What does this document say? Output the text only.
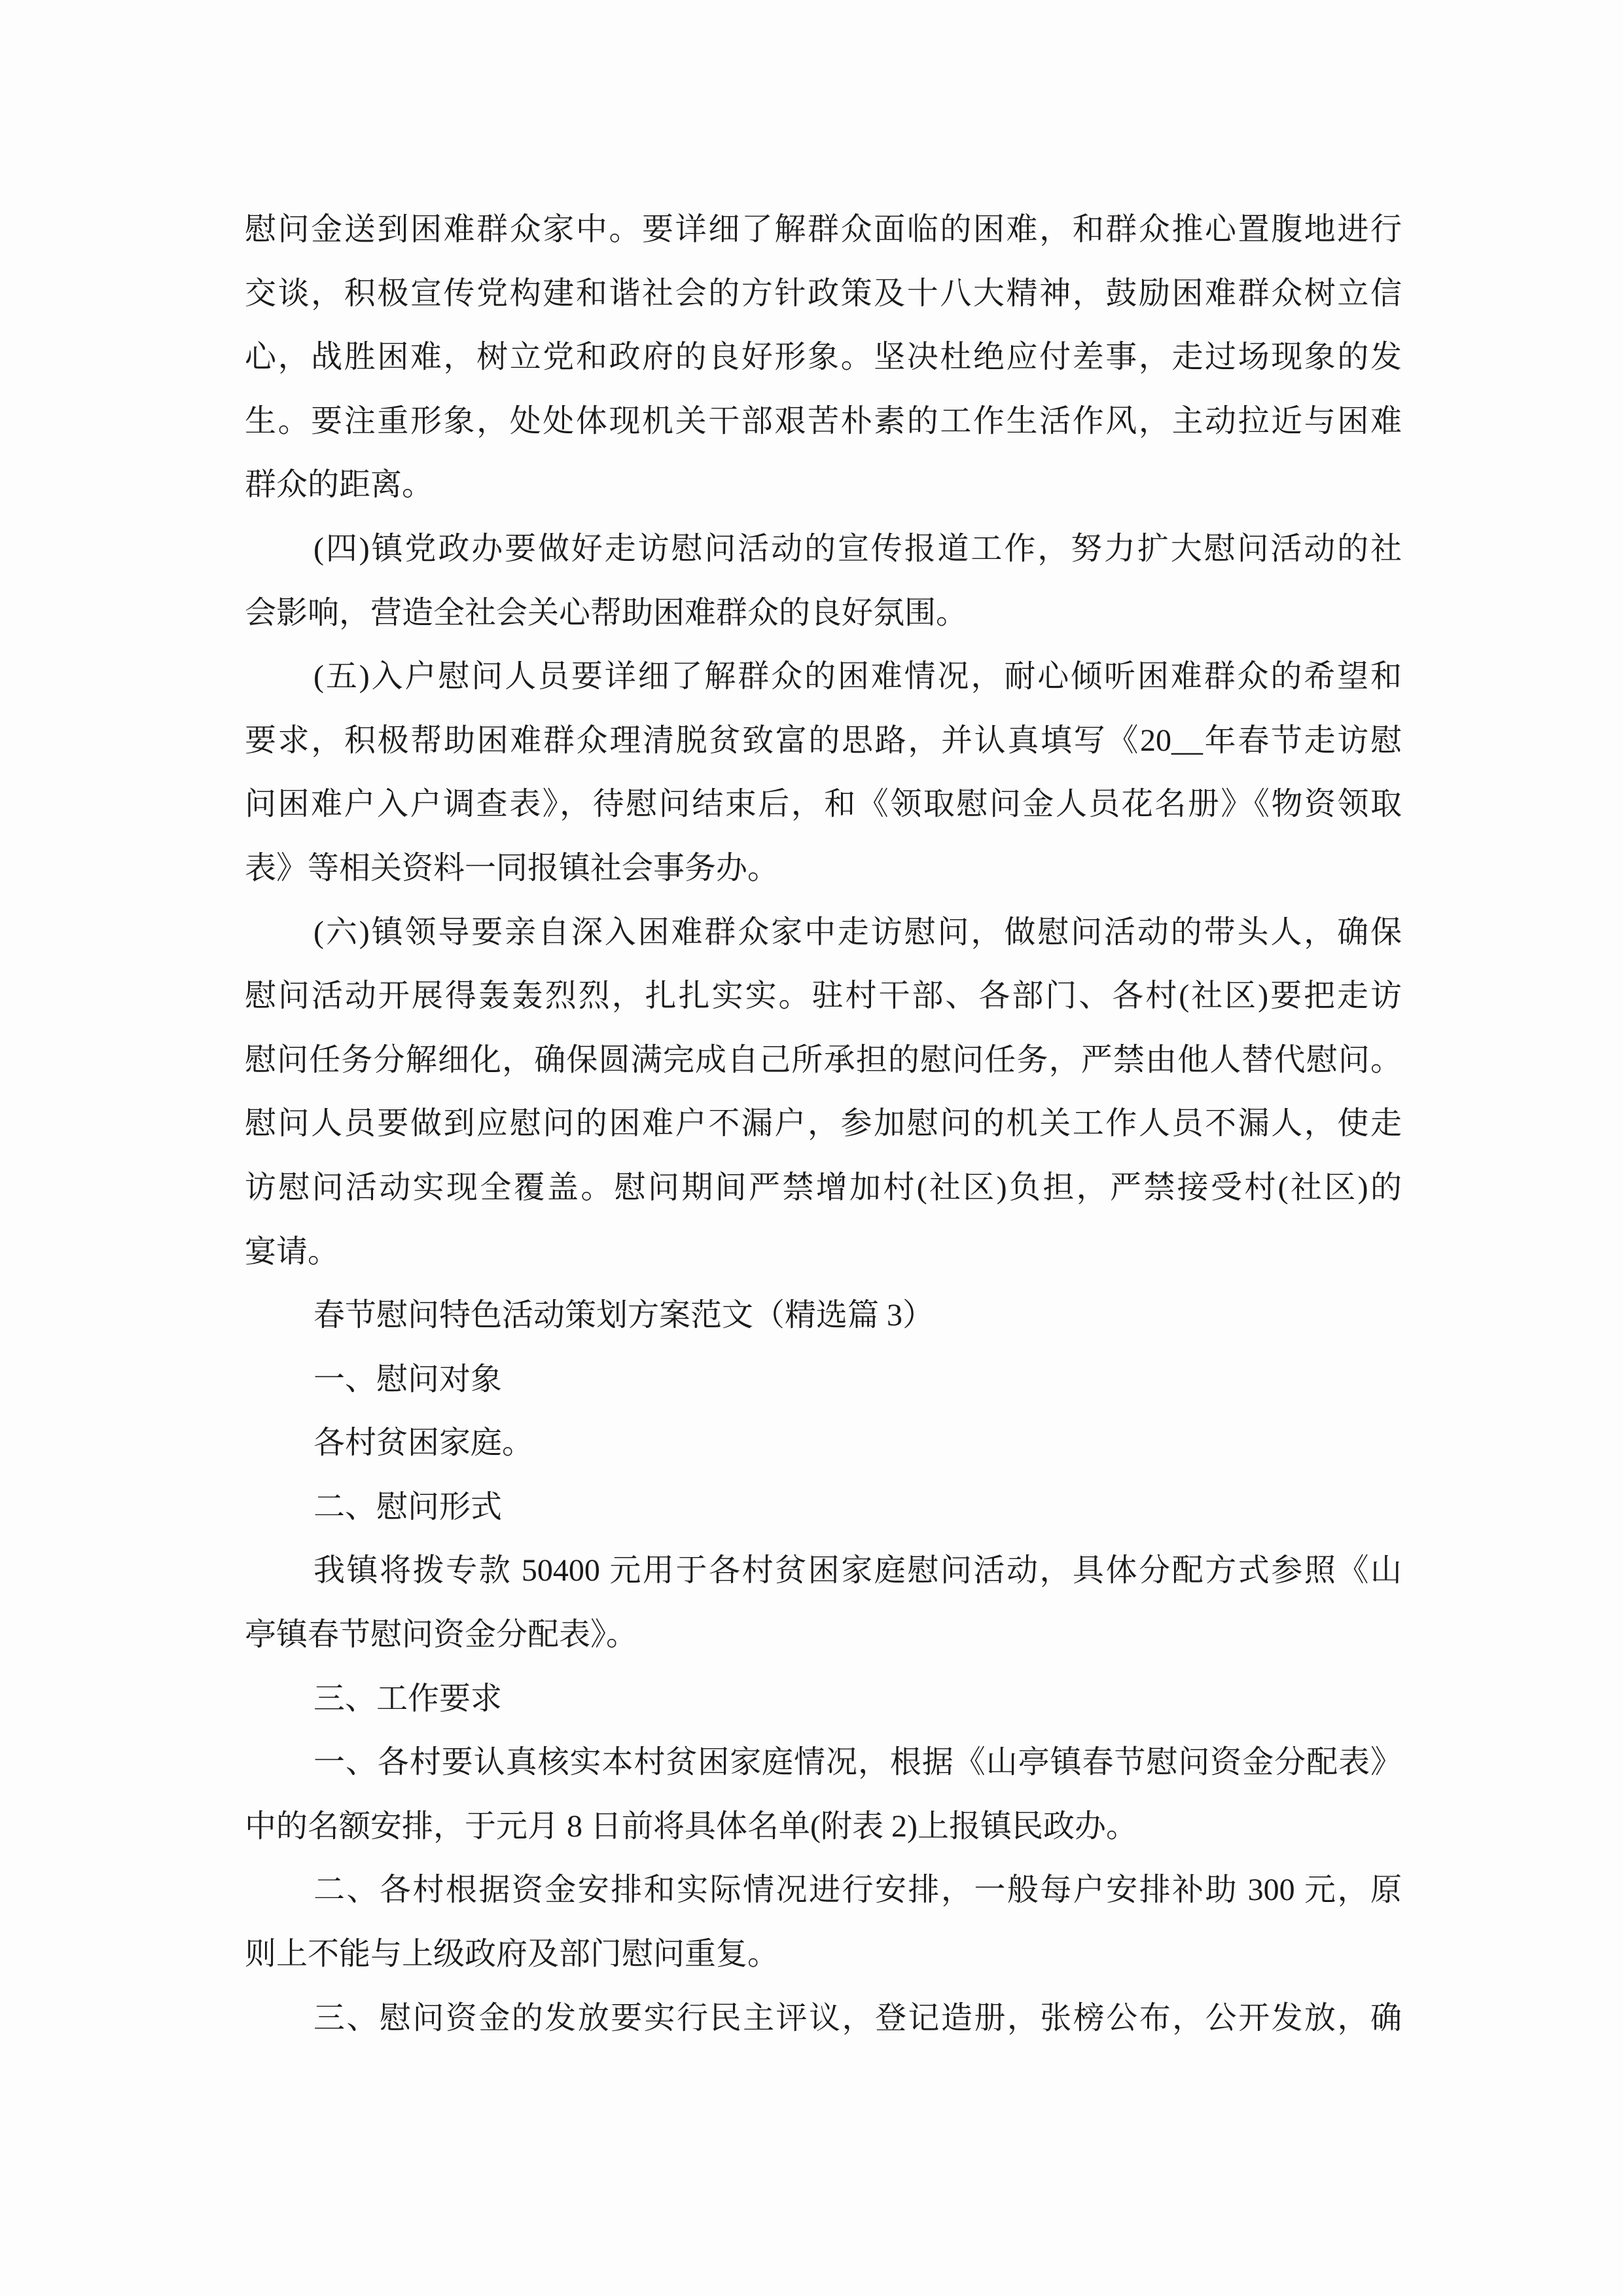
慰问金送到困难群众家中。要详细了解群众面临的困难，和群众推心置腹地进行
交谈，积极宣传党构建和谐社会的方针政策及十八大精神，鼓励困难群众树立信
心，战胜困难，树立党和政府的良好形象。坚决杜绝应付差事，走过场现象的发
生。要注重形象，处处体现机关干部艰苦朴素的工作生活作风，主动拉近与困难
群众的距离。
(四)镇党政办要做好走访慰问活动的宣传报道工作，努力扩大慰问活动的社
会影响，营造全社会关心帮助困难群众的良好氛围。
(五)入户慰问人员要详细了解群众的困难情况，耐心倾听困难群众的希望和
要求，积极帮助困难群众理清脱贫致富的思路，并认真填写《20__年春节走访慰
问困难户入户调查表》，待慰问结束后，和《领取慰问金人员花名册》《物资领取
表》等相关资料一同报镇社会事务办。
(六)镇领导要亲自深入困难群众家中走访慰问，做慰问活动的带头人，确保
慰问活动开展得轰轰烈烈，扎扎实实。驻村干部、各部门、各村(社区)要把走访
慰问任务分解细化，确保圆满完成自己所承担的慰问任务，严禁由他人替代慰问。
慰问人员要做到应慰问的困难户不漏户，参加慰问的机关工作人员不漏人，使走
访慰问活动实现全覆盖。慰问期间严禁增加村(社区)负担，严禁接受村(社区)的
宴请。
春节慰问特色活动策划方案范文（精选篇 3）
一、慰问对象
各村贫困家庭。
二、慰问形式
我镇将拨专款 50400 元用于各村贫困家庭慰问活动，具体分配方式参照《山
亭镇春节慰问资金分配表》。
三、工作要求
一、各村要认真核实本村贫困家庭情况，根据《山亭镇春节慰问资金分配表》
中的名额安排，于元月 8 日前将具体名单(附表 2)上报镇民政办。
二、各村根据资金安排和实际情况进行安排，一般每户安排补助 300 元，原
则上不能与上级政府及部门慰问重复。
三、慰问资金的发放要实行民主评议，登记造册，张榜公布，公开发放，确
